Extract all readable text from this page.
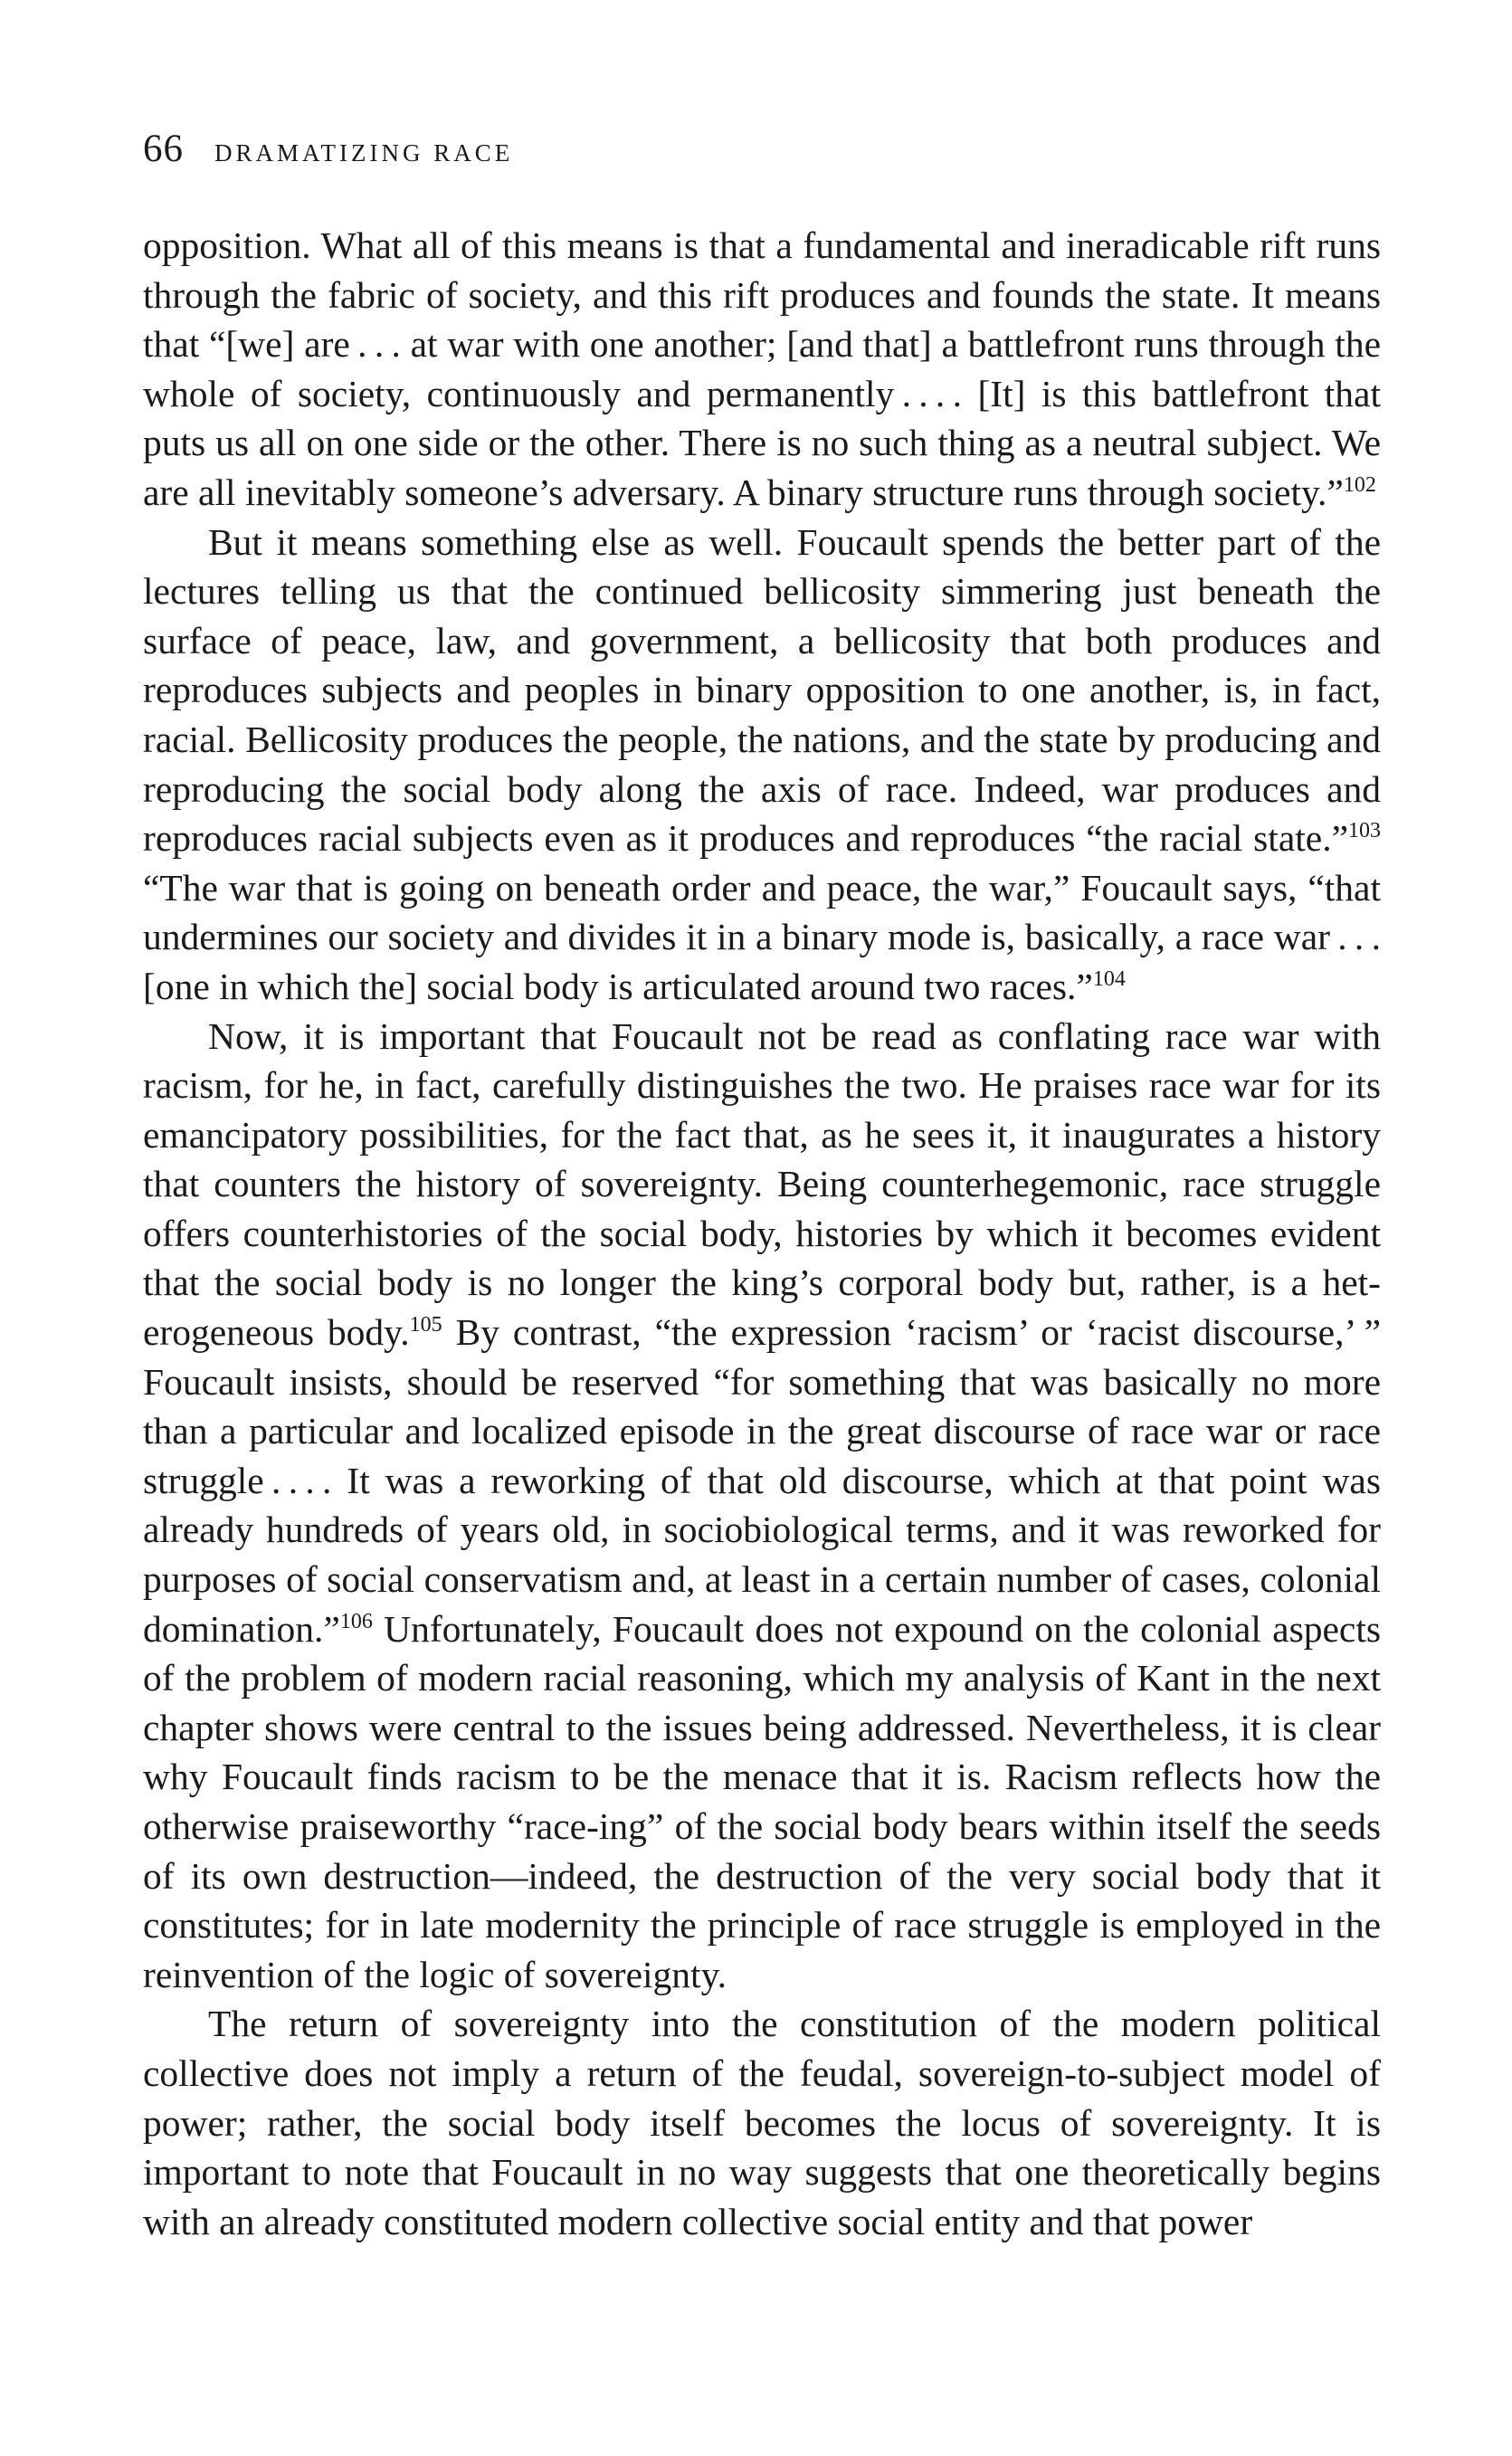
66 DRAMATIZING RACE

opposition. What all of this means is that a fundamental and ineradicable rift runs through the fabric of society, and this rift produces and founds the state. It means that “[we] are . . . at war with one another; [and that] a battlefront runs through the whole of society, continuously and permanently . . . . [It] is this battlefront that puts us all on one side or the other. There is no such thing as a neutral subject. We are all inevitably someone’s adversary. A binary structure runs through society.”$^{102}$

But it means something else as well. Foucault spends the better part of the lectures telling us that the continued bellicosity simmering just beneath the surface of peace, law, and government, a bellicosity that both produces and reproduces subjects and peoples in binary opposition to one another, is, in fact, racial. Bellicosity produces the people, the nations, and the state by producing and reproducing the social body along the axis of race. Indeed, war produces and reproduces racial subjects even as it produces and reproduces “the racial state.”$^{103}$ “The war that is going on beneath order and peace, the war,” Foucault says, “that undermines our society and divides it in a binary mode is, basically, a race war . . . [one in which the] social body is articulated around two races.”$^{104}$

Now, it is important that Foucault not be read as conflating race war with racism, for he, in fact, carefully distinguishes the two. He praises race war for its emancipatory possibilities, for the fact that, as he sees it, it inaugurates a history that counters the history of sovereignty. Being counterhegemonic, race struggle offers counterhistories of the social body, histories by which it becomes evident that the social body is no longer the king’s corporal body but, rather, is a heterogeneous body.$^{105}$ By contrast, “the expression ‘racism’ or ‘racist discourse,’ ” Foucault insists, should be reserved “for something that was basically no more than a particular and localized episode in the great discourse of race war or race struggle . . . . It was a reworking of that old discourse, which at that point was already hundreds of years old, in sociobiological terms, and it was reworked for purposes of social conservatism and, at least in a certain number of cases, colonial domination.”$^{106}$ Unfortunately, Foucault does not expound on the colonial aspects of the problem of modern racial reasoning, which my analysis of Kant in the next chapter shows were central to the issues being addressed. Nevertheless, it is clear why Foucault finds racism to be the menace that it is. Racism reflects how the otherwise praiseworthy “race-ing” of the social body bears within itself the seeds of its own destruction—indeed, the destruction of the very social body that it constitutes; for in late modernity the principle of race struggle is employed in the reinvention of the logic of sovereignty.

The return of sovereignty into the constitution of the modern political collective does not imply a return of the feudal, sovereign-to-subject model of power; rather, the social body itself becomes the locus of sovereignty. It is important to note that Foucault in no way suggests that one theoretically begins with an already constituted modern collective social entity and that power
